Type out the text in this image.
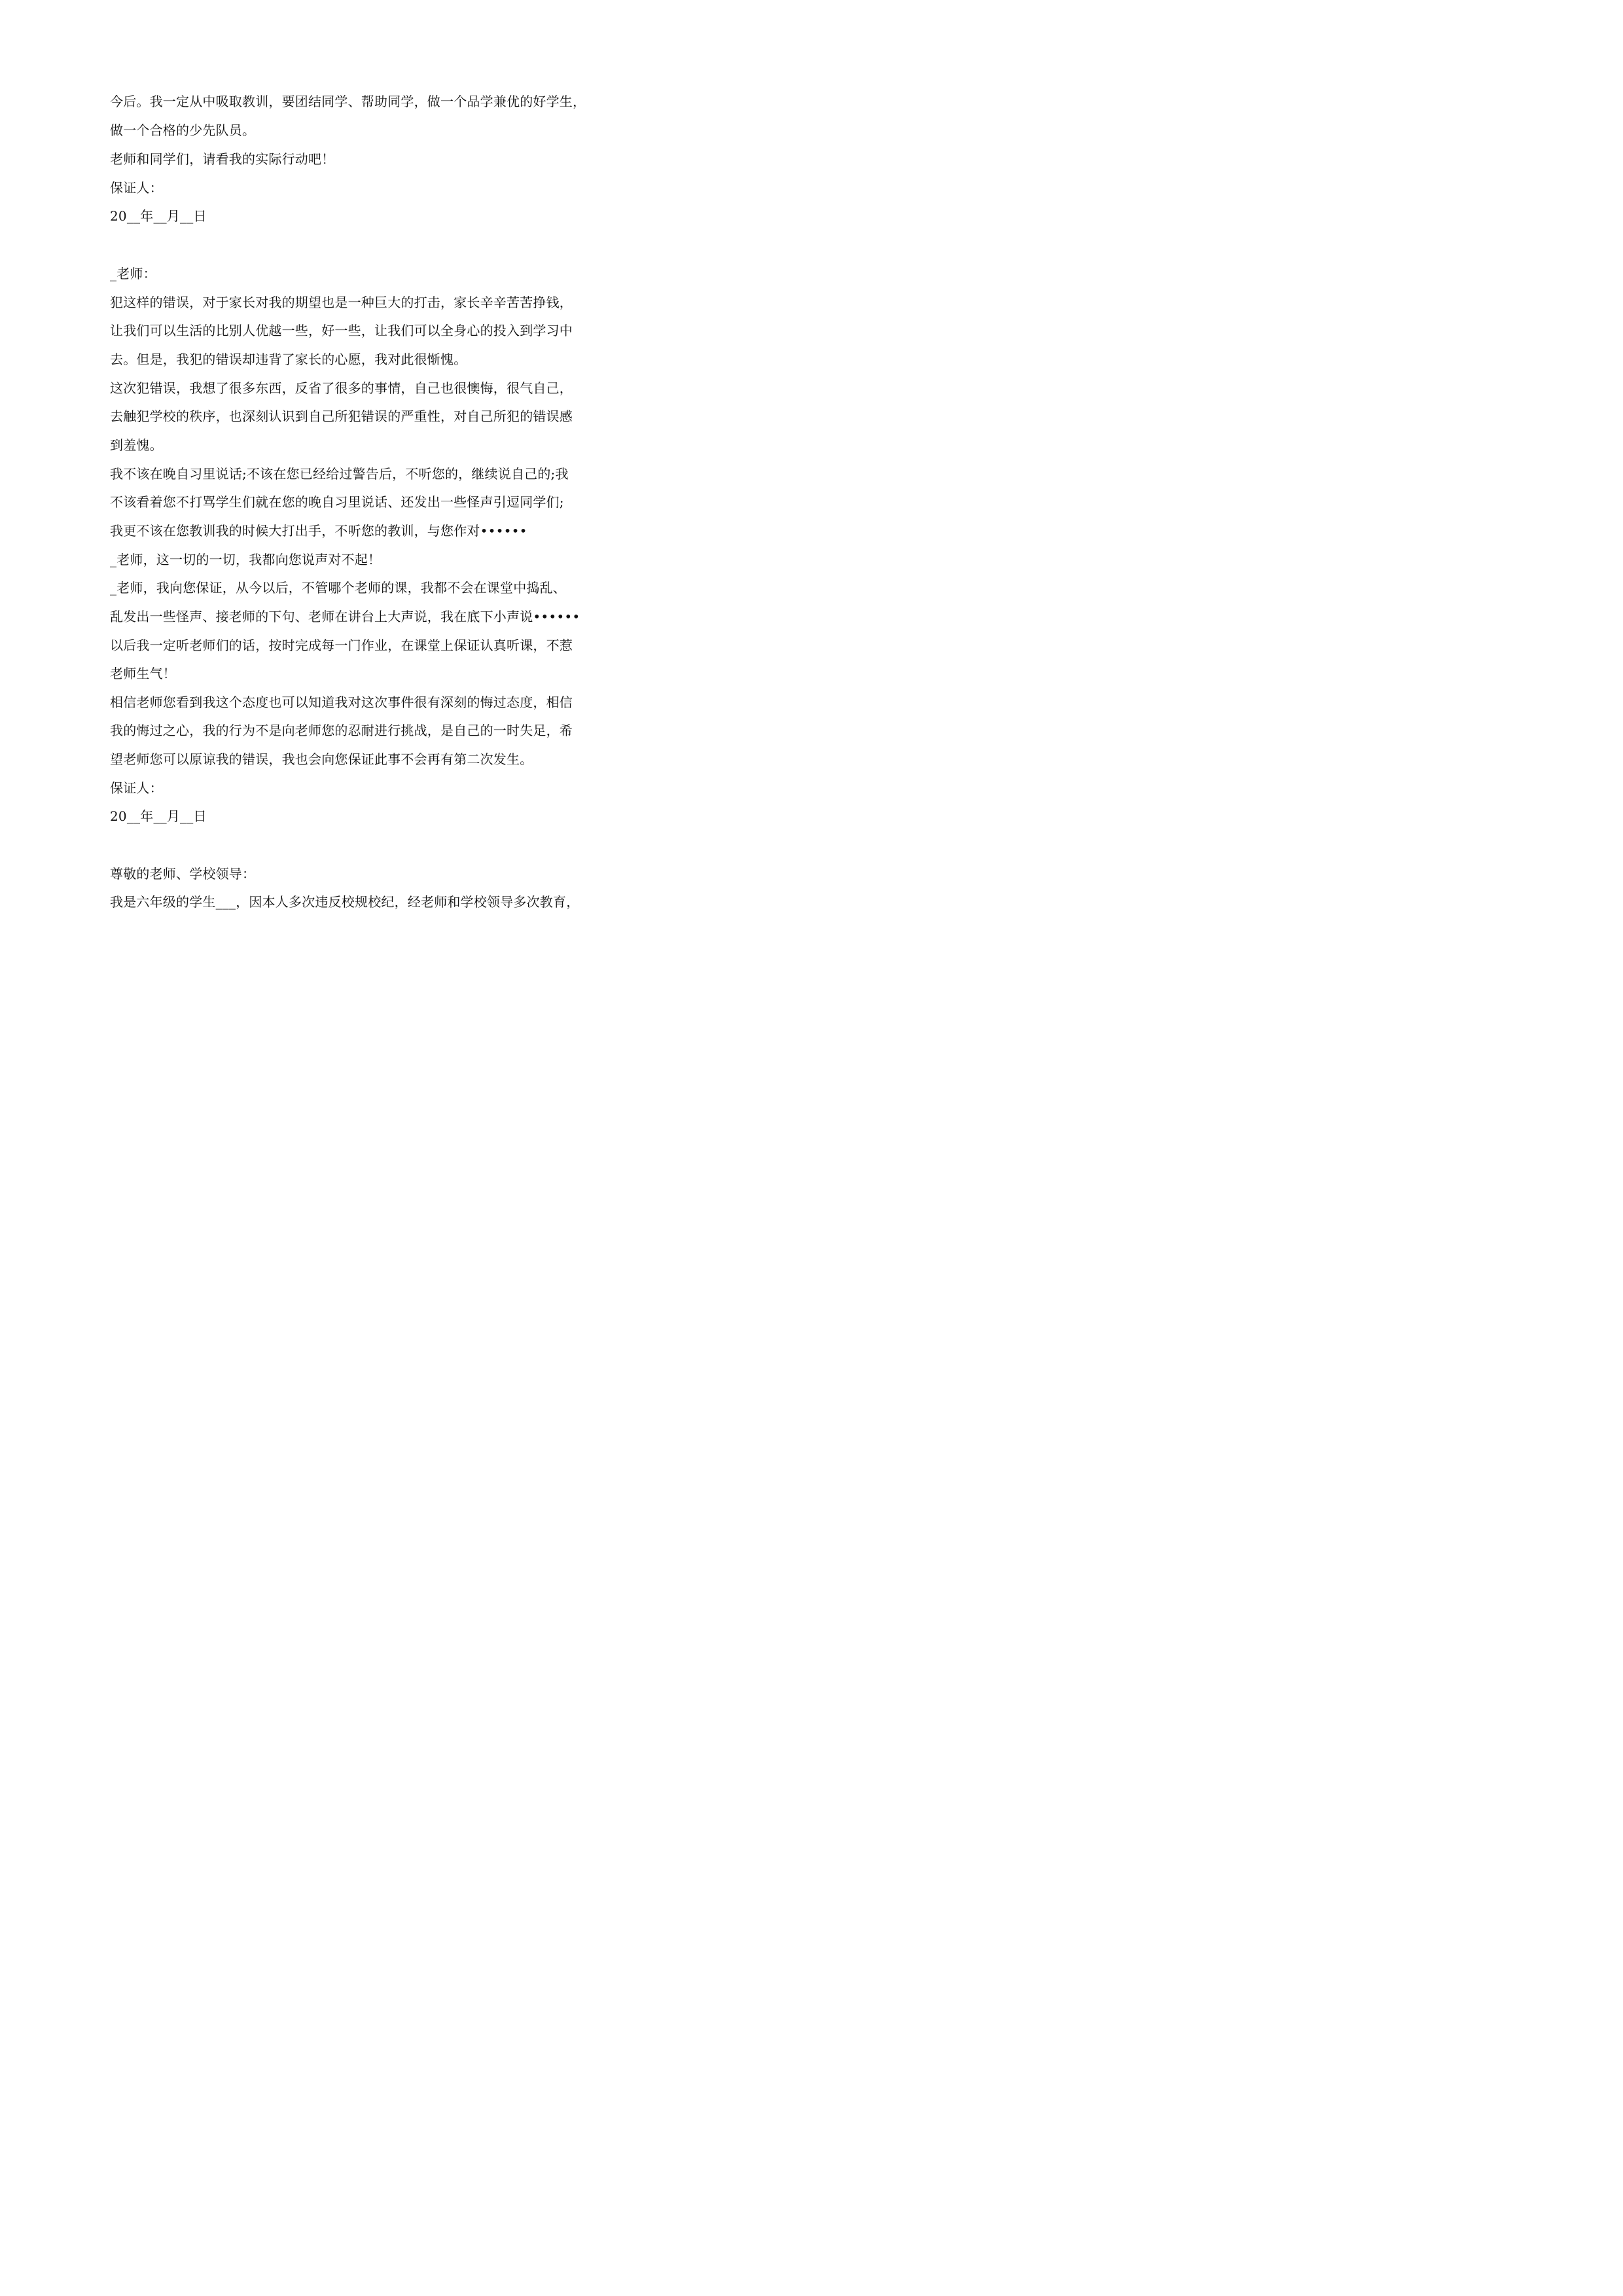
今后。我一定从中吸取教训，要团结同学、帮助同学，做一个品学兼优的好学生，
做一个合格的少先队员。
老师和同学们，请看我的实际行动吧！
保证人：
20__年__月__日
_老师：
犯这样的错误，对于家长对我的期望也是一种巨大的打击，家长辛辛苦苦挣钱，
让我们可以生活的比别人优越一些，好一些，让我们可以全身心的投入到学习中
去。但是，我犯的错误却违背了家长的心愿，我对此很惭愧。
这次犯错误，我想了很多东西，反省了很多的事情，自己也很懊悔，很气自己，
去触犯学校的秩序，也深刻认识到自己所犯错误的严重性，对自己所犯的错误感
到羞愧。
我不该在晚自习里说话;不该在您已经给过警告后，不听您的，继续说自己的;我
不该看着您不打骂学生们就在您的晚自习里说话、还发出一些怪声引逗同学们;
我更不该在您教训我的时候大打出手，不听您的教训，与您作对••••••
_老师，这一切的一切，我都向您说声对不起！
_老师，我向您保证，从今以后，不管哪个老师的课，我都不会在课堂中捣乱、
乱发出一些怪声、接老师的下句、老师在讲台上大声说，我在底下小声说••••••
以后我一定听老师们的话，按时完成每一门作业，在课堂上保证认真听课，不惹
老师生气！
相信老师您看到我这个态度也可以知道我对这次事件很有深刻的悔过态度，相信
我的悔过之心，我的行为不是向老师您的忍耐进行挑战，是自己的一时失足，希
望老师您可以原谅我的错误，我也会向您保证此事不会再有第二次发生。
保证人：
20__年__月__日
尊敬的老师、学校领导：
我是六年级的学生___，因本人多次违反校规校纪，经老师和学校领导多次教育，
